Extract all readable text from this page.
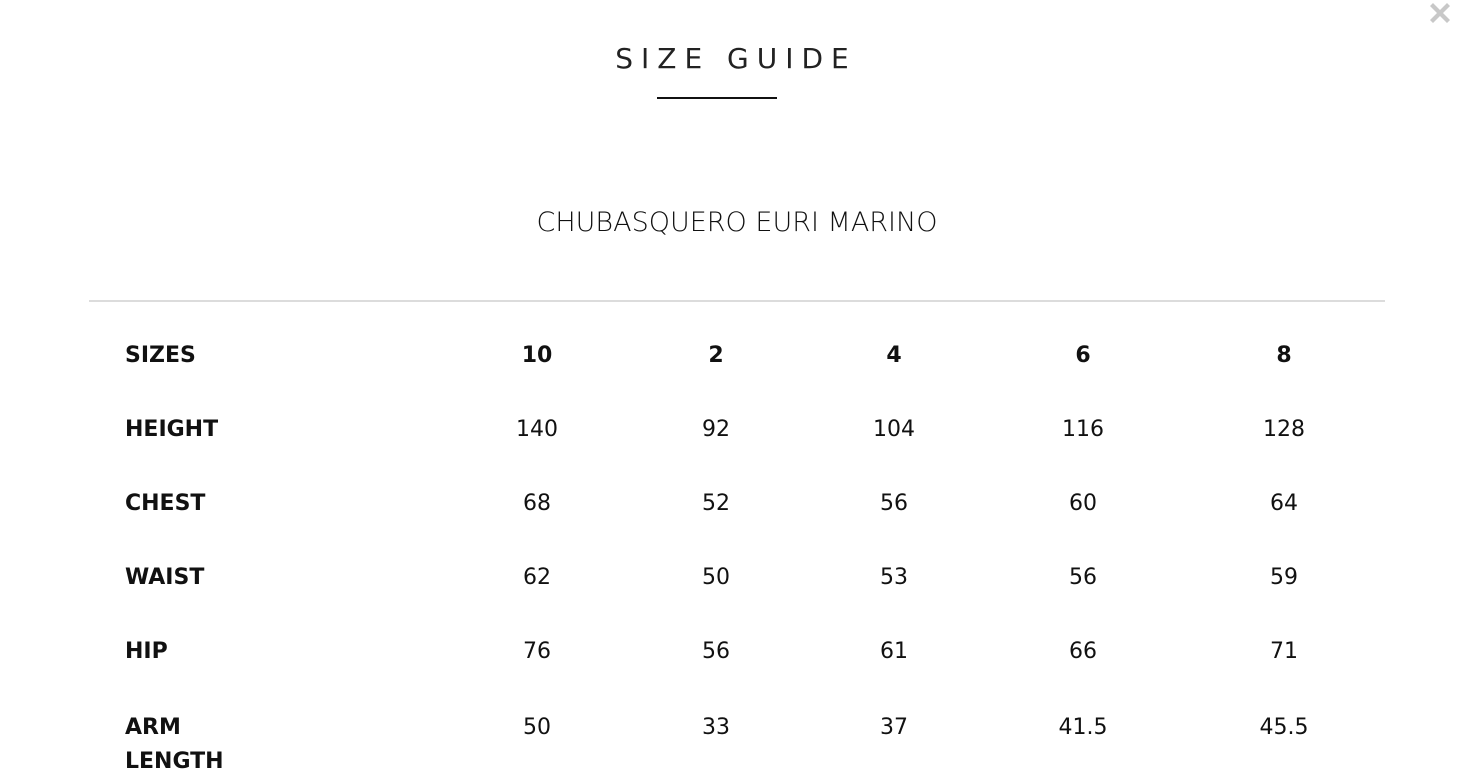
SIZE GUIDE
CHUBASQUERO EURI MARINO
SIZES	10	2	4	6	8
HEIGHT	140	92	104	116	128
CHEST	68	52	56	60	64
WAIST	62	50	53	56	59
HIP	76	56	61	66	71
ARM LENGTH	50	33	37	41.5	45.5
